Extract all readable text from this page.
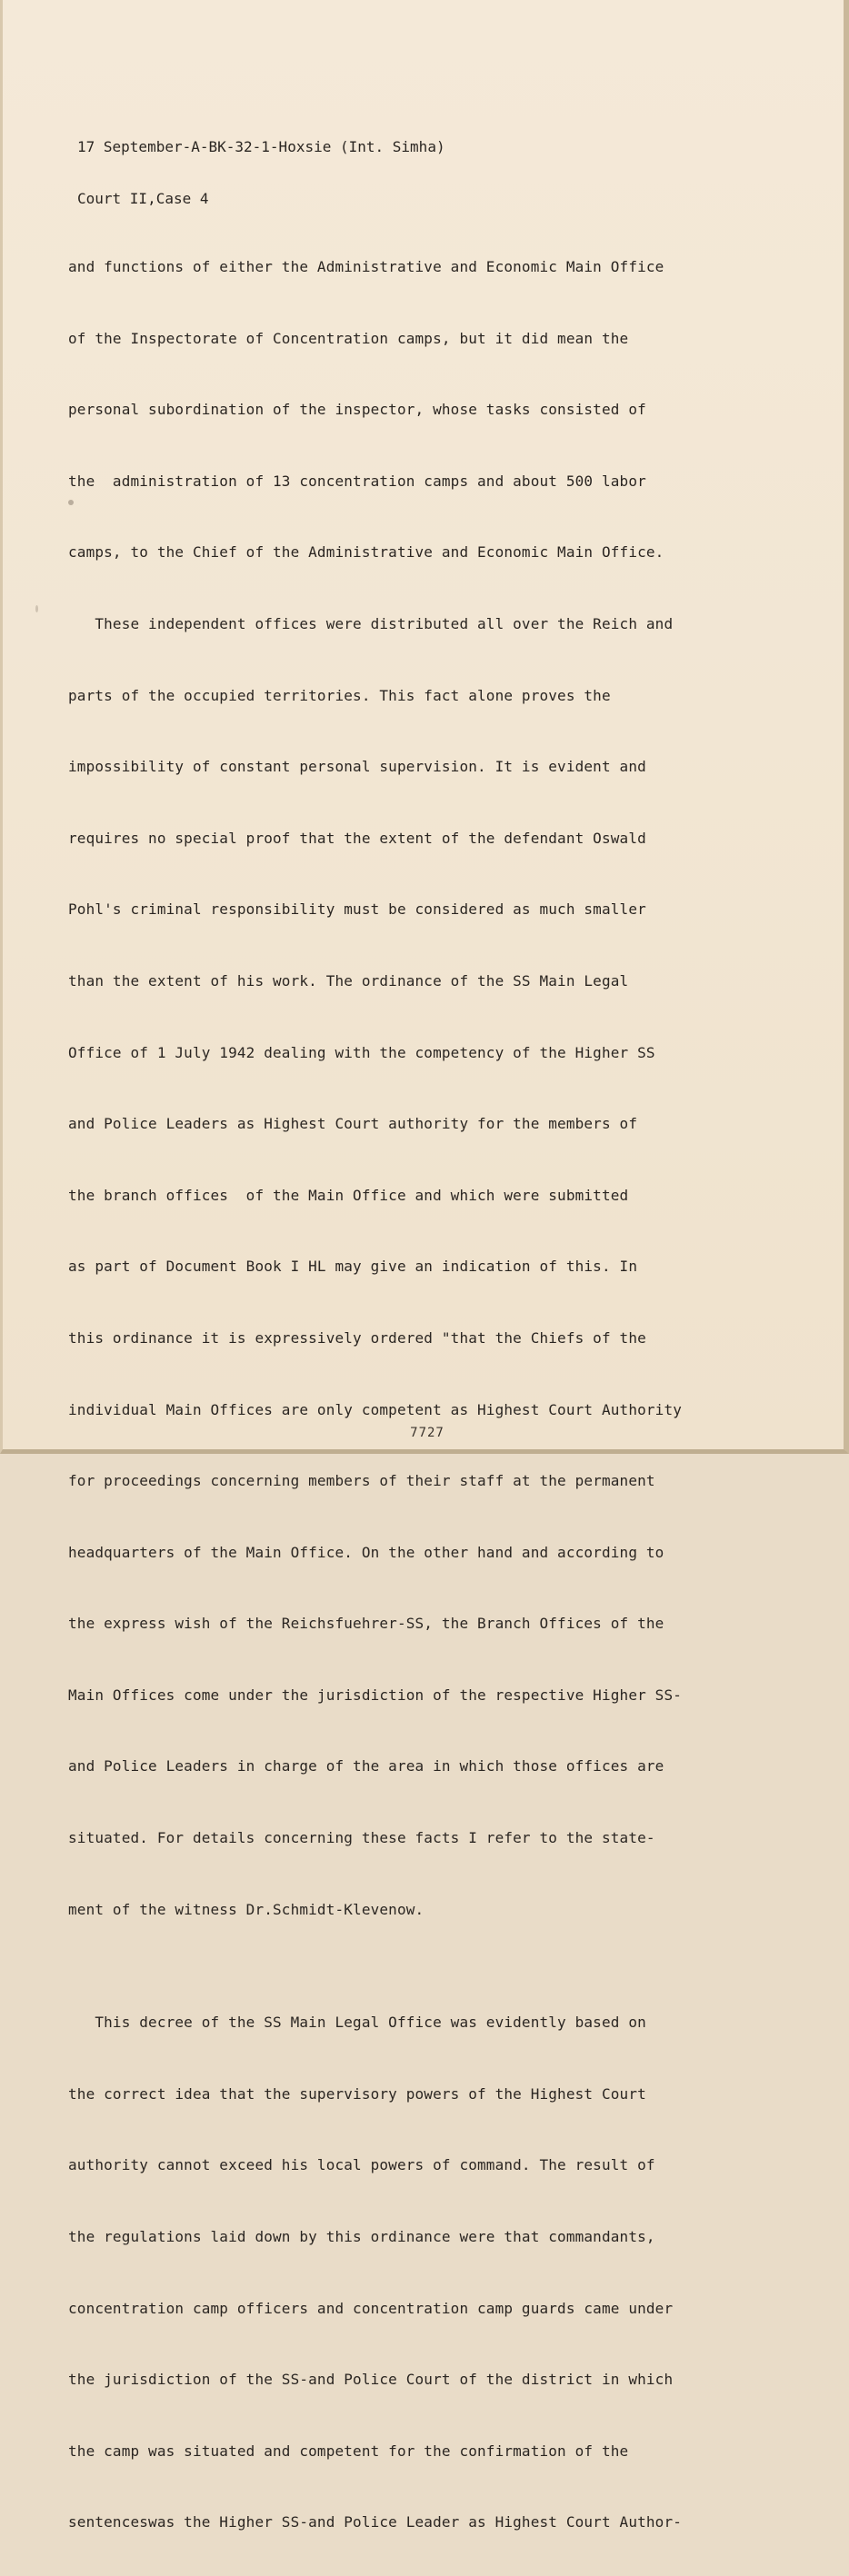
17 September-A-BK-32-1-Hoxsie (Int. Simha)

Court II,Case 4

and functions of either the Administrative and Economic Main Office

of the Inspectorate of Concentration camps, but it did mean the

personal subordination of the inspector, whose tasks consisted of

the  administration of 13 concentration camps and about 500 labor

camps, to the Chief of the Administrative and Economic Main Office.

These independent offices were distributed all over the Reich and

parts of the occupied territories. This fact alone proves the

impossibility of constant personal supervision. It is evident and

requires no special proof that the extent of the defendant Oswald

Pohl's criminal responsibility must be considered as much smaller

than the extent of his work. The ordinance of the SS Main Legal

Office of 1 July 1942 dealing with the competency of the Higher SS

and Police Leaders as Highest Court authority for the members of

the branch offices  of the Main Office and which were submitted

as part of Document Book I HL may give an indication of this. In

this ordinance it is expressively ordered "that the Chiefs of the

individual Main Offices are only competent as Highest Court Authority

for proceedings concerning members of their staff at the permanent

headquarters of the Main Office. On the other hand and according to

the express wish of the Reichsfuehrer-SS, the Branch Offices of the

Main Offices come under the jurisdiction of the respective Higher SS-

and Police Leaders in charge of the area in which those offices are

situated. For details concerning these facts I refer to the state-

ment of the witness Dr.Schmidt-Klevenow.

This decree of the SS Main Legal Office was evidently based on

the correct idea that the supervisory powers of the Highest Court

authority cannot exceed his local powers of command. The result of

the regulations laid down by this ordinance were that commandants,

concentration camp officers and concentration camp guards came under

the jurisdiction of the SS-and Police Court of the district in which

the camp was situated and competent for the confirmation of the

sentenceswas the Higher SS-and Police Leader as Highest Court Author-

7727
